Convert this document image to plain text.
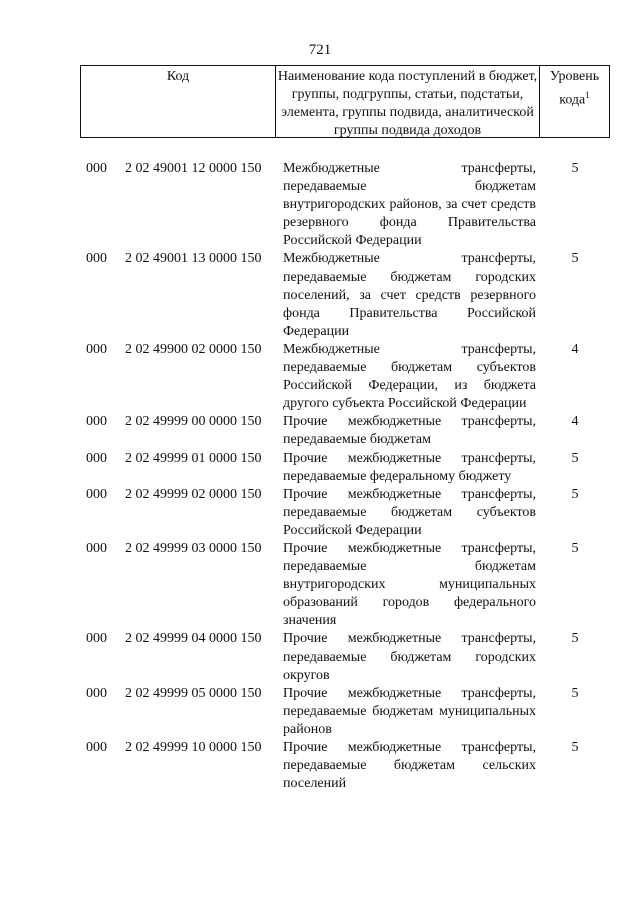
721
Код	Наименование кода поступлений в бюджет, группы, подгруппы, статьи, подстатьи, элемента, группы подвида, аналитической группы подвида доходов
Уровень кода$^1$
000 2 02 49001 12 0000 150 Межбюджетные трансферты, передаваемые бюджетам внутригородских районов, за счет средств резервного фонда Правительства Российской Федерации
5
000 2 02 49001 13 0000 150 Межбюджетные трансферты, передаваемые бюджетам городских поселений, за счет средств резервного фонда Правительства Российской Федерации
5
000 2 02 49900 02 0000 150 Межбюджетные трансферты, передаваемые бюджетам субъектов Российской Федерации, из бюджета другого субъекта Российской Федерации
4
000 2 02 49999 00 0000 150 Прочие межбюджетные трансферты, передаваемые бюджетам
4
000 2 02 49999 01 0000 150 Прочие межбюджетные трансферты, передаваемые федеральному бюджету
5
000 2 02 49999 02 0000 150 Прочие межбюджетные трансферты, передаваемые бюджетам субъектов Российской Федерации
5
000 2 02 49999 03 0000 150 Прочие межбюджетные трансферты, передаваемые бюджетам внутригородских муниципальных образований городов федерального значения
5
000 2 02 49999 04 0000 150 Прочие межбюджетные трансферты, передаваемые бюджетам городских округов
5
000 2 02 49999 05 0000 150 Прочие межбюджетные трансферты, передаваемые бюджетам муниципальных районов
5
000 2 02 49999 10 0000 150 Прочие межбюджетные трансферты, передаваемые бюджетам сельских поселений
5
